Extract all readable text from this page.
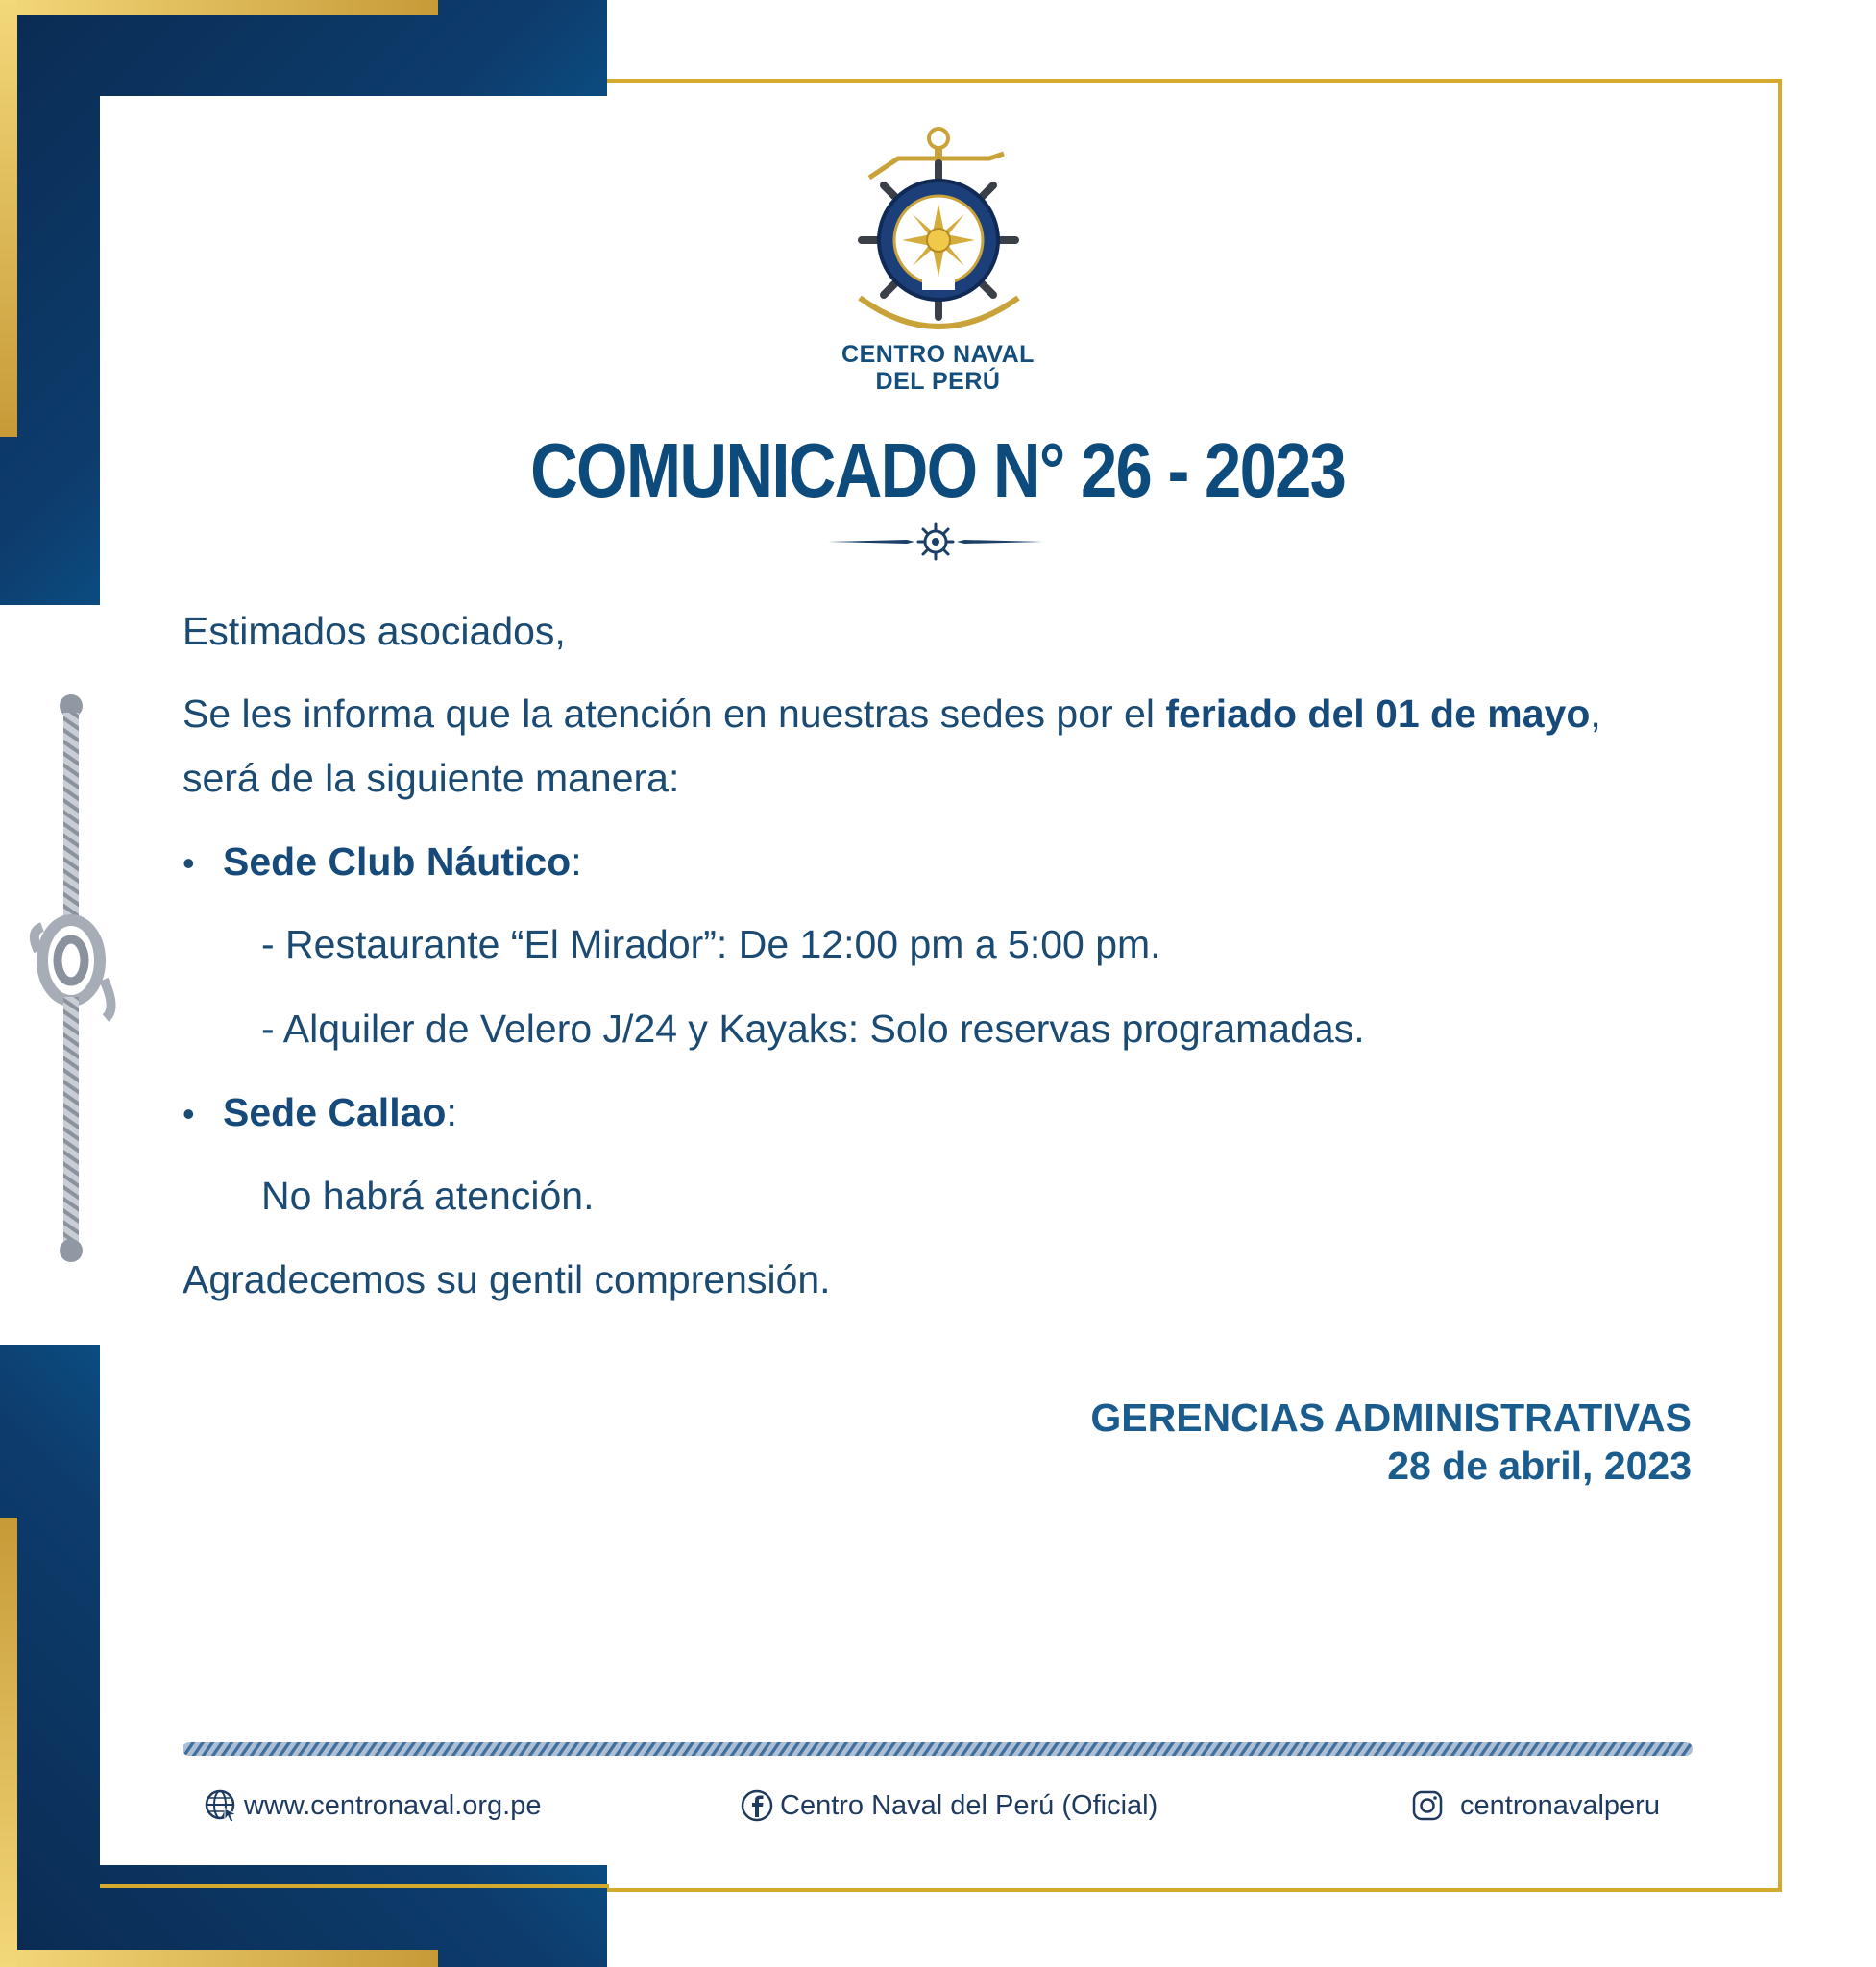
CENTRO NAVAL
DEL PERÚ
COMUNICADO N° 26 - 2023
Estimados asociados,
Se les informa que la atención en nuestras sedes por el feriado del 01 de mayo,
será de la siguiente manera:
• Sede Club Náutico:
- Restaurante “El Mirador”: De 12:00 pm a 5:00 pm.
- Alquiler de Velero J/24 y Kayaks: Solo reservas programadas.
• Sede Callao:
No habrá atención.
Agradecemos su gentil comprensión.
GERENCIAS ADMINISTRATIVAS
28 de abril, 2023
www.centronaval.org.pe	Centro Naval del Perú (Oficial)	centronavalperu
